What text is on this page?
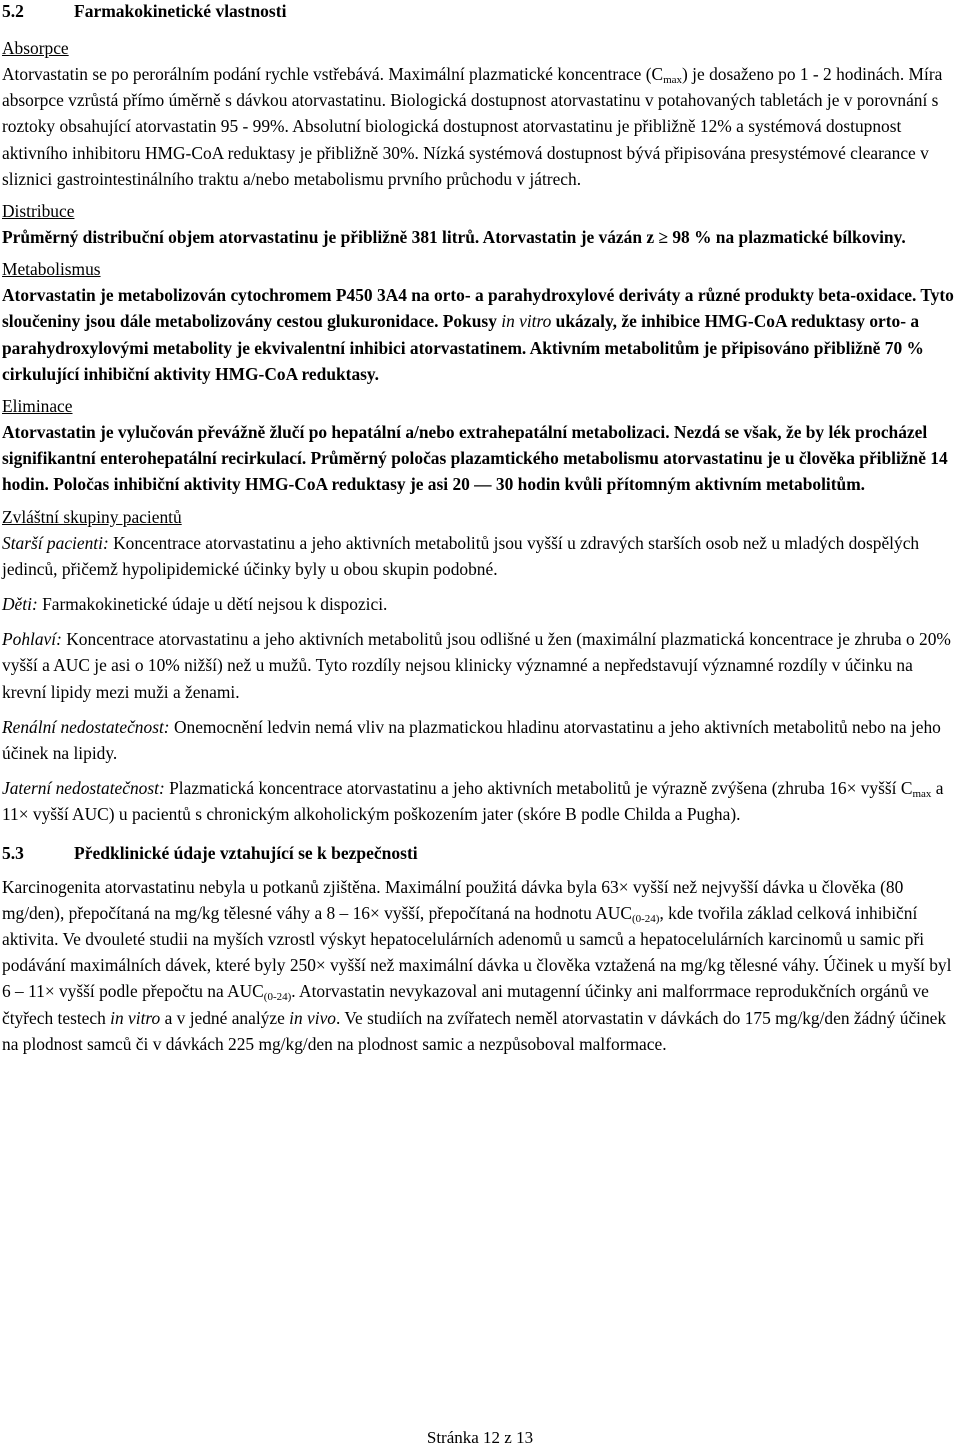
5.2	Farmakokinetické vlastnosti
Absorpce

Atorvastatin se po perorálním podání rychle vstřebává. Maximální plazmatické koncentrace $(C_{max})$ je dosaženo po 1 - 2 hodinách. Míra absorpce vzrůstá přímo úměrně s dávkou atorvastatinu. Biologická dostupnost atorvastatinu v potahovaných tabletách je v porovnání s roztoky obsahující atorvastatin 95 - 99%. Absolutní biologická dostupnost atorvastatinu je přibližně 12% a systémová dostupnost aktivního inhibitoru HMG-CoA reduktasy je přibližně 30%. Nízká systémová dostupnost bývá připisována presystémové clearance v sliznici gastrointestinálního traktu a/nebo metabolismu prvního průchodu v játrech.

Distribuce

Průměrný distribuční objem atorvastatinu je přibližně 381 litrů. Atorvastatin je vázán z ≥ 98 % na plazmatické bílkoviny.

Metabolismus

Atorvastatin je metabolizován cytochromem P450 3A4 na orto- a parahydroxylové deriváty a různé produkty beta-oxidace. Tyto sloučeniny jsou dále metabolizovány cestou glukuronidace. Pokusy in vitro ukázaly, že inhibice HMG-CoA reduktasy orto- a parahydroxylovými metabolity je ekvivalentní inhibici atorvastatinem. Aktivním metabolitům je připisováno přibližně 70 % cirkulující inhibiční aktivity HMG-CoA reduktasy.

Eliminace

Atorvastatin je vylučován převážně žlučí po hepatální a/nebo extrahepatální metabolizaci. Nezdá se však, že by lék procházel signifikantní enterohepatální recirkulací. Průměrný poločas plazamtického metabolismu atorvastatinu je u člověka přibližně 14 hodin. Poločas inhibiční aktivity HMG-CoA reduktasy je asi 20 — 30 hodin kvůli přítomným aktivním metabolitům.

Zvláštní skupiny pacientů

Starší pacienti: Koncentrace atorvastatinu a jeho aktivních metabolitů jsou vyšší u zdravých starších osob než u mladých dospělých jedinců, přičemž hypolipidemické účinky byly u obou skupin podobné.

Děti: Farmakokinetické údaje u dětí nejsou k dispozici.

Pohlaví: Koncentrace atorvastatinu a jeho aktivních metabolitů jsou odlišné u žen (maximální plazmatická koncentrace je zhruba o 20% vyšší a AUC je asi o 10% nižší) než u mužů. Tyto rozdíly nejsou klinicky významné a nepředstavují významné rozdíly v účinku na krevní lipidy mezi muži a ženami.

Renální nedostatečnost: Onemocnění ledvin nemá vliv na plazmatickou hladinu atorvastatinu a jeho aktivních metabolitů nebo na jeho účinek na lipidy.

Jaterní nedostatečnost: Plazmatická koncentrace atorvastatinu a jeho aktivních metabolitů je výrazně zvýšena (zhruba 16× vyšší $C_{max}$ a 11× vyšší AUC) u pacientů s chronickým alkoholickým poškozením jater (skóre B podle Childa a Pugha).

5.3	Předklinické údaje vztahující se k bezpečnosti

Karcinogenita atorvastatinu nebyla u potkanů zjištěna. Maximální použitá dávka byla 63× vyšší než nejvyšší dávka u člověka (80 mg/den), přepočítaná na mg/kg tělesné váhy a 8 – 16× vyšší, přepočítaná na hodnotu $AUC_{(0-24)}$, kde tvořila základ celková inhibiční aktivita. Ve dvouleté studii na myších vzrostl výskyt hepatocelulárních adenomů u samců a hepatocelulárních karcinomů u samic při podávání maximálních dávek, které byly 250× vyšší než maximální dávka u člověka vztažená na mg/kg tělesné váhy. Účinek u myší byl 6 – 11× vyšší podle přepočtu na $AUC_{(0-24)}$. Atorvastatin nevykazoval ani mutagenní účinky ani malforrmace reprodukčních orgánů ve čtyřech testech in vitro a v jedné analýze in vivo. Ve studiích na zvířatech neměl atorvastatin v dávkách do 175 mg/kg/den žádný účinek na plodnost samců či v dávkách 225 mg/kg/den na plodnost samic a nezpůsoboval malformace.

Stránka 12 z 13
